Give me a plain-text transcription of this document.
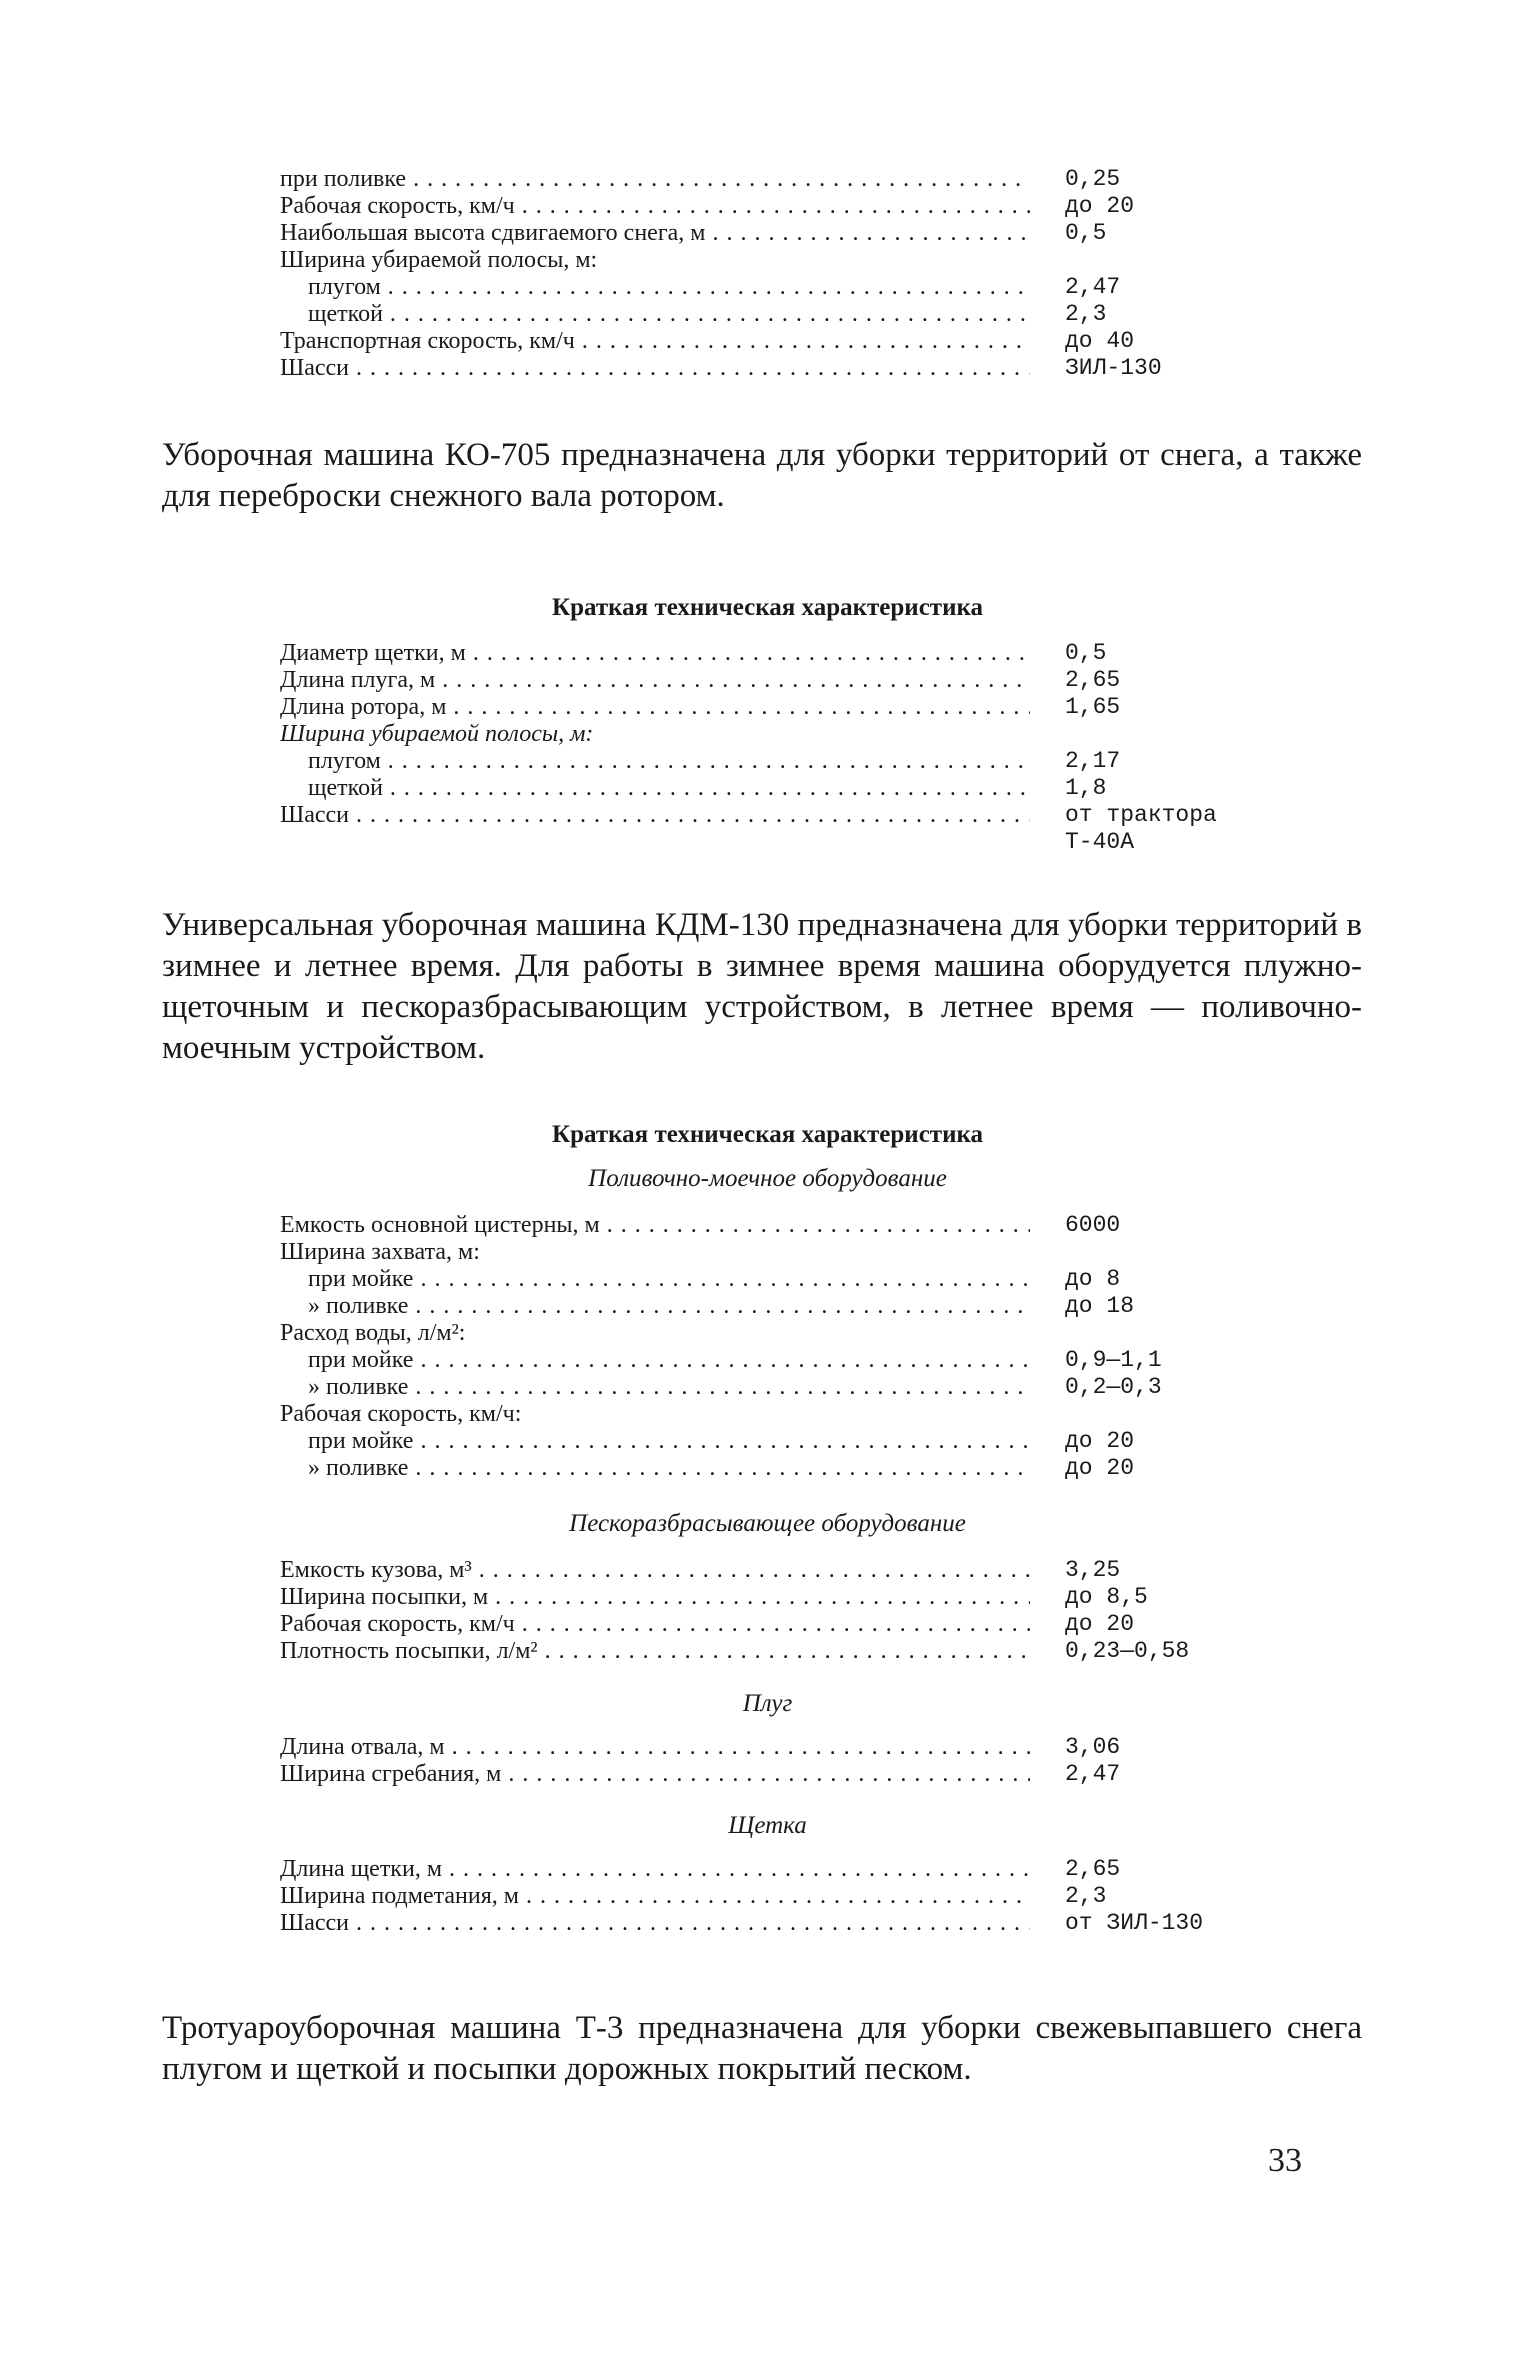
при поливке . . .	0,25
Рабочая скорость, км/ч . . .	до 20
Наибольшая высота сдвигаемого снега, м . . .	0,5
Ширина убираемой полосы, м:
плугом . . .	2,47
щеткой . . .	2,3
Транспортная скорость, км/ч . . .	до 40
Шасси . . .	ЗИЛ-130

Уборочная машина КО-705 предназначена для уборки территорий от снега, а также для переброски снежного вала ротором.

Краткая техническая характеристика
Диаметр щетки, м . . .	0,5
Длина плуга, м . . .	2,65
Длина ротора, м . . .	1,65
Ширина убираемой полосы, м:
плугом . . .	2,17
щеткой . . .	1,8
Шасси . . .	от трактора
Т-40А

Универсальная уборочная машина КДМ-130 предназначена для уборки территорий в зимнее и летнее время. Для работы в зимнее время машина оборудуется плужно-щеточным и пескоразбрасывающим устройством, в летнее время — поливочно-моечным устройством.

Краткая техническая характеристика
Поливочно-моечное оборудование
Емкость основной цистерны, м . . .	6000
Ширина захвата, м:
при мойке . . .	до 8
» поливке . . .	до 18
Расход воды, л/м²:
при мойке . . .	0,9—1,1
» поливке . . .	0,2—0,3
Рабочая скорость, км/ч:
при мойке . . .	до 20
» поливке . . .	до 20
Пескоразбрасывающее оборудование
Емкость кузова, м³ . . .	3,25
Ширина посыпки, м . . .	до 8,5
Рабочая скорость, км/ч . . .	до 20
Плотность посыпки, л/м² . . .	0,23—0,58
Плуг
Длина отвала, м . . .	3,06
Ширина сгребания, м . . .	2,47
Щетка
Длина щетки, м . . .	2,65
Ширина подметания, м . . .	2,3
Шасси . . .	от ЗИЛ-130

Тротуароуборочная машина Т-3 предназначена для уборки свежевыпавшего снега плугом и щеткой и посыпки дорожных покрытий песком.

33
